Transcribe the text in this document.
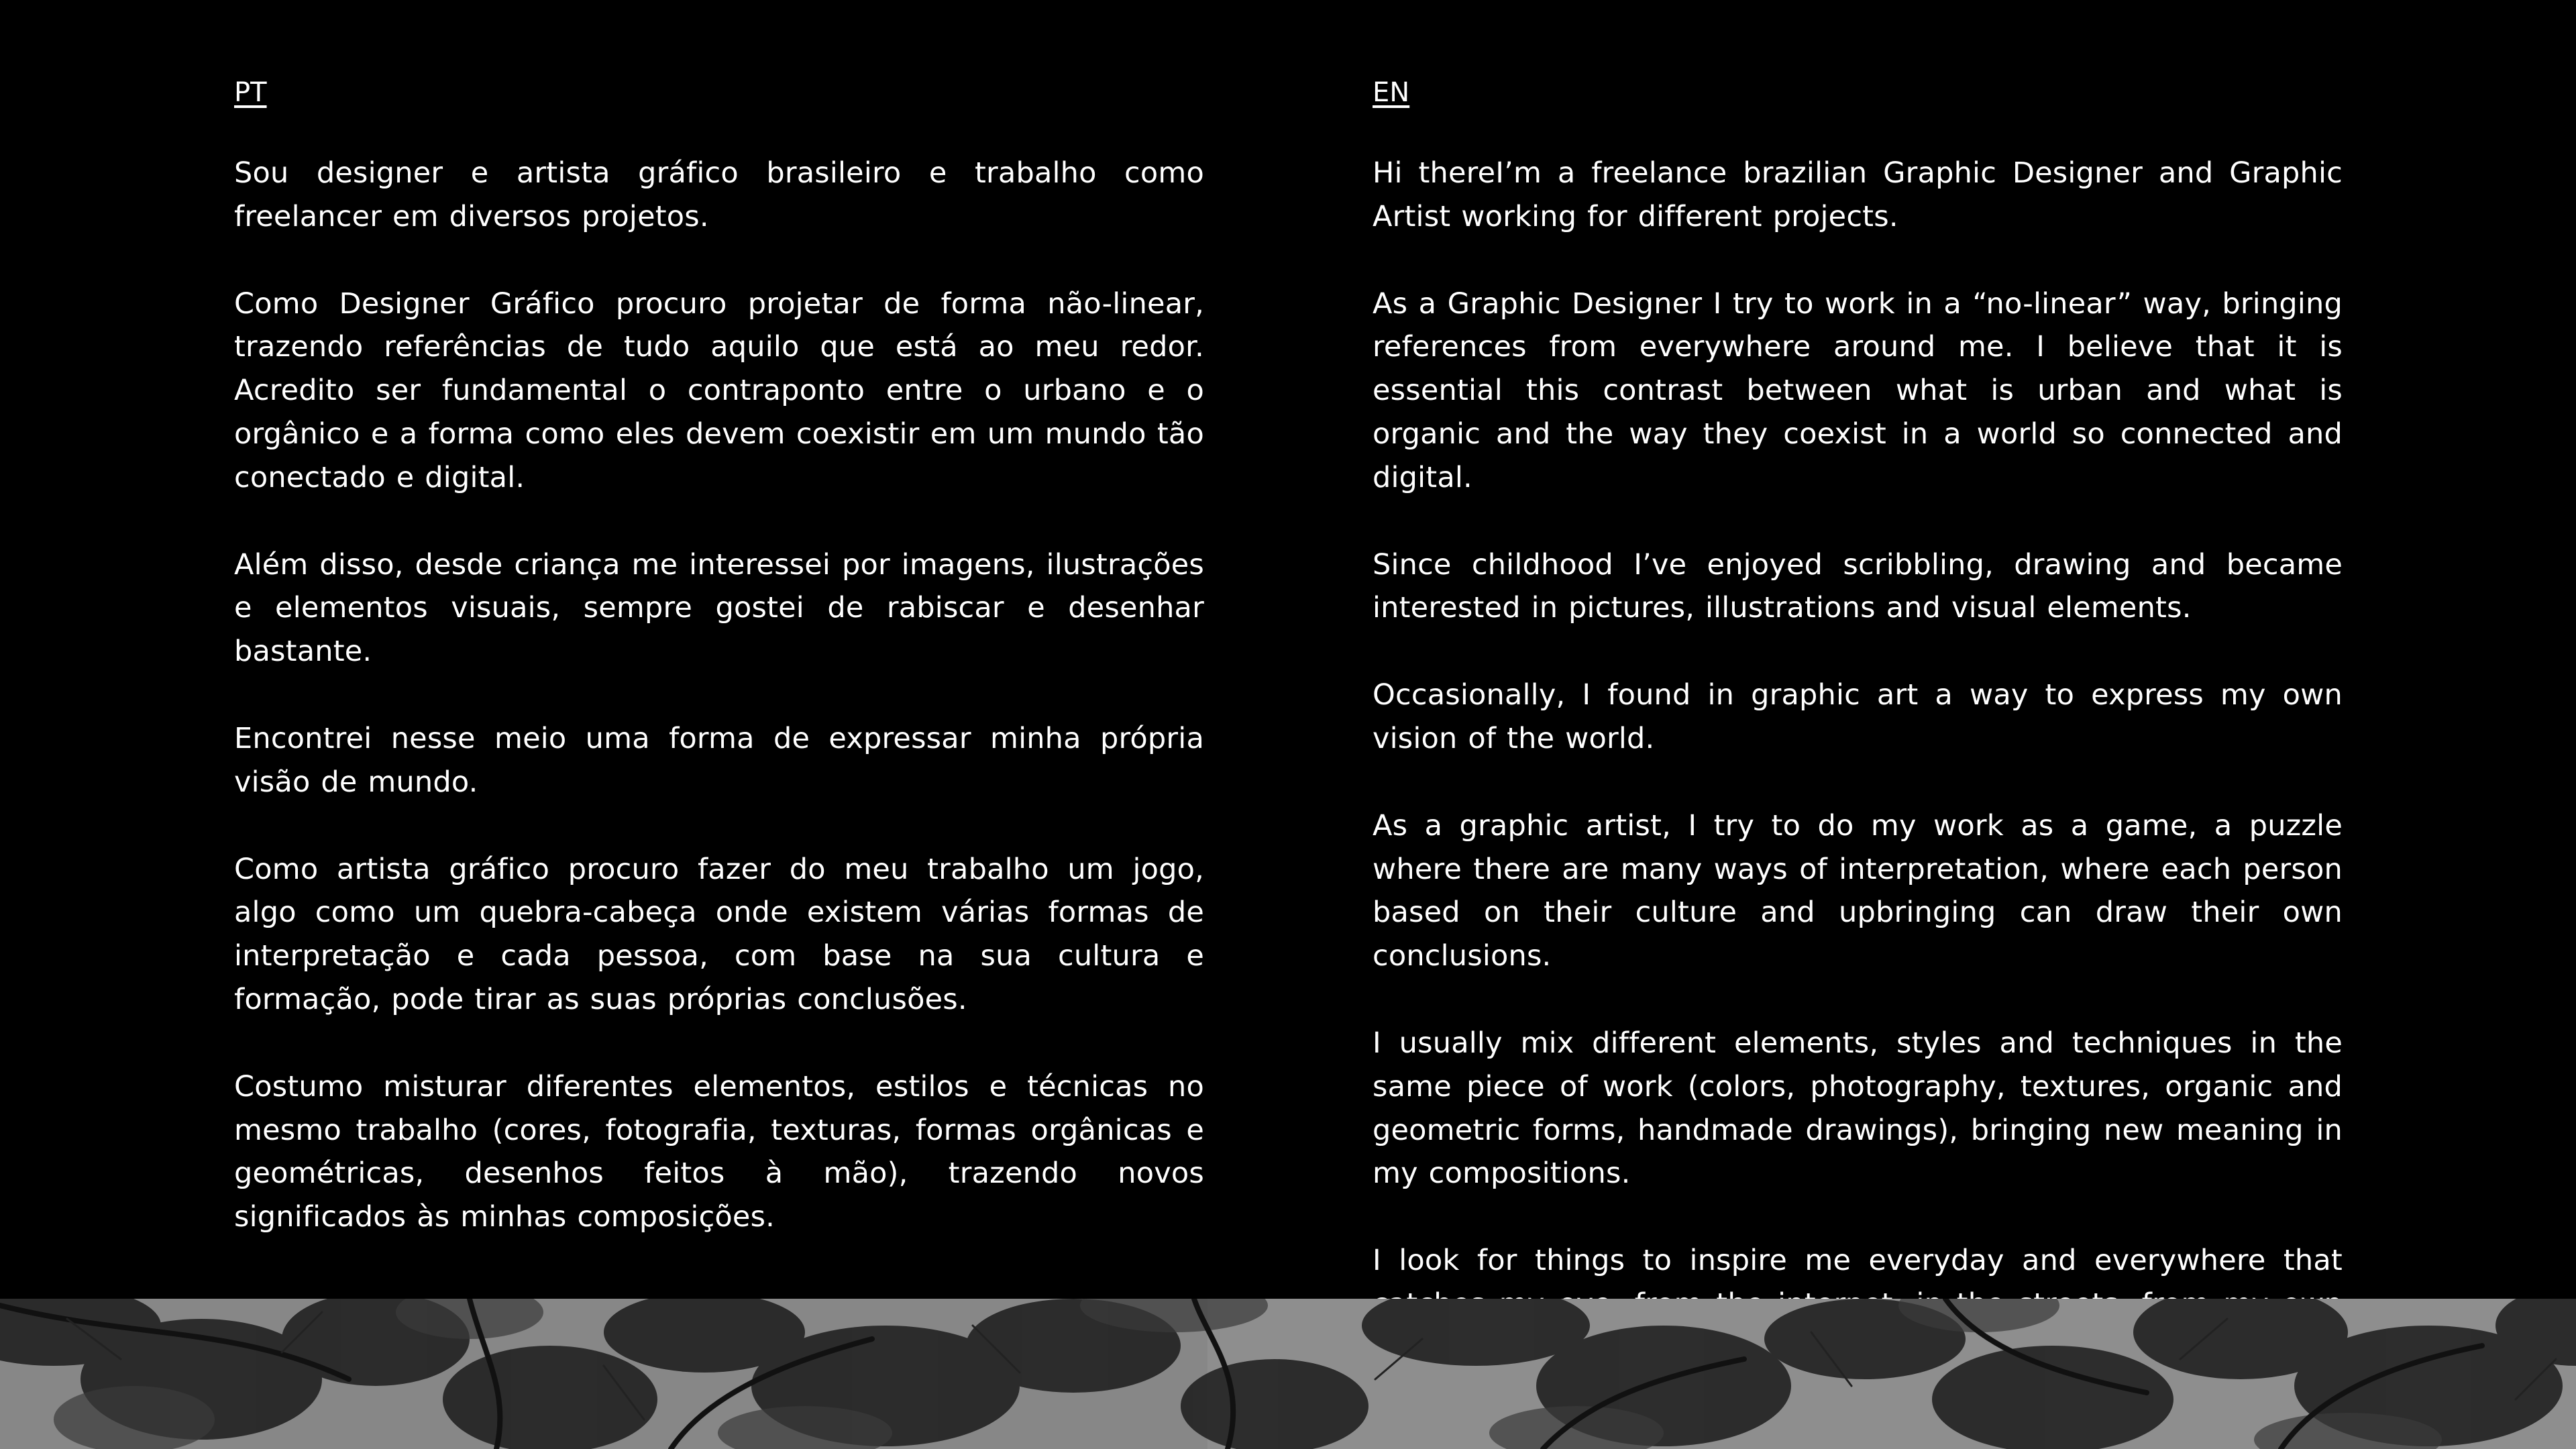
PT

Sou designer e artista gráfico brasileiro e trabalho como freelancer em diversos projetos.

Como Designer Gráfico procuro projetar de forma não-linear, trazendo referências de tudo aquilo que está ao meu redor. Acredito ser fundamental o contraponto entre o urbano e o orgânico e a forma como eles devem coexistir em um mundo tão conectado e digital.

Além disso, desde criança me interessei por imagens, ilustrações e elementos visuais, sempre gostei de rabiscar e desenhar bastante.

Encontrei nesse meio uma forma de expressar minha própria visão de mundo.

Como artista gráfico procuro fazer do meu trabalho um jogo, algo como um quebra-cabeça onde existem várias formas de interpretação e cada pessoa, com base na sua cultura e formação, pode tirar as suas próprias conclusões.

Costumo misturar diferentes elementos, estilos e técnicas no mesmo trabalho (cores, fotografia, texturas, formas orgânicas e geométricas, desenhos feitos à mão), trazendo novos significados às minhas composições.

EN

Hi thereI’m a freelance brazilian Graphic Designer and Graphic Artist working for different projects.

As a Graphic Designer I try to work in a “no-linear” way, bringing references from everywhere around me. I believe that it is essential this contrast between what is urban and what is organic and the way they coexist in a world so connected and digital.

Since childhood I’ve enjoyed scribbling, drawing and became interested in pictures, illustrations and visual elements.

Occasionally, I found in graphic art a way to express my own vision of the world.

As a graphic artist, I try to do my work as a game, a puzzle where there are many ways of interpretation, where each person based on their culture and upbringing can draw their own conclusions.

I usually mix different elements, styles and techniques in the same piece of work (colors, photography, textures, organic and geometric forms, handmade drawings), bringing new meaning in my compositions.

I look for things to inspire me everyday and everywhere that
